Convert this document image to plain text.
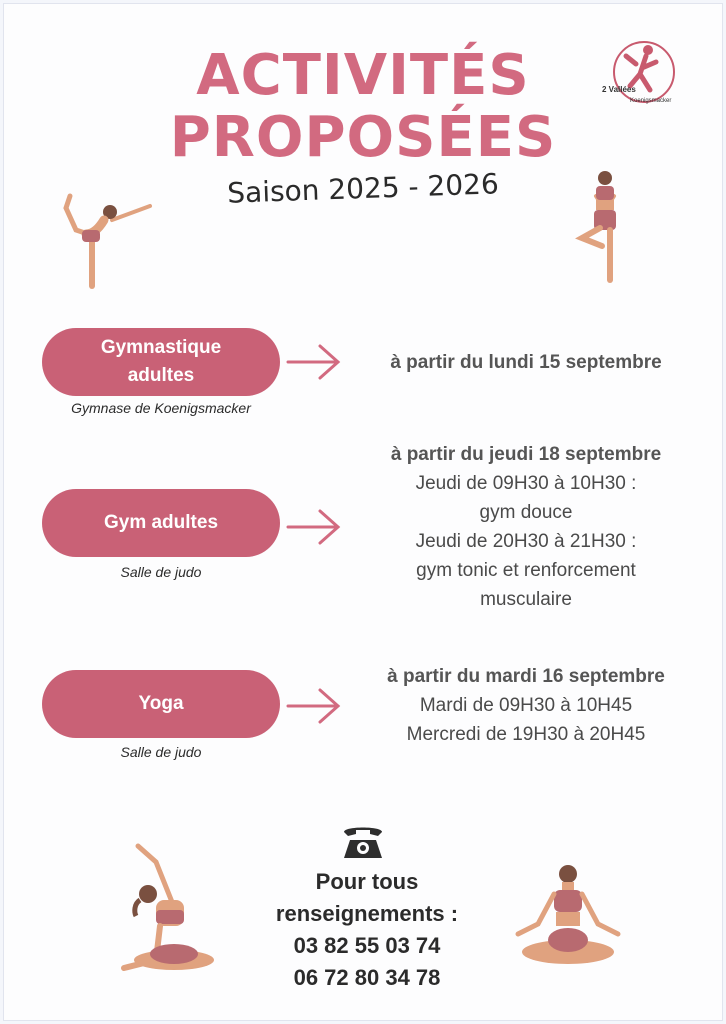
2 Vallées
Koenigsmacker
ACTIVITÉS
PROPOSÉES
Saison 2025 - 2026
Gymnastique
adultes
Gymnase de Koenigsmacker
à partir du lundi 15 septembre
Gym adultes
Salle de judo
à partir du jeudi 18 septembre
Jeudi de 09H30 à 10H30 :
gym douce
Jeudi de 20H30 à 21H30 :
gym tonic et renforcement
musculaire
Yoga
Salle de judo
à partir du mardi 16 septembre
Mardi de 09H30 à 10H45
Mercredi de 19H30 à 20H45
Pour tous
renseignements :
03 82 55 03 74
06 72 80 34 78
